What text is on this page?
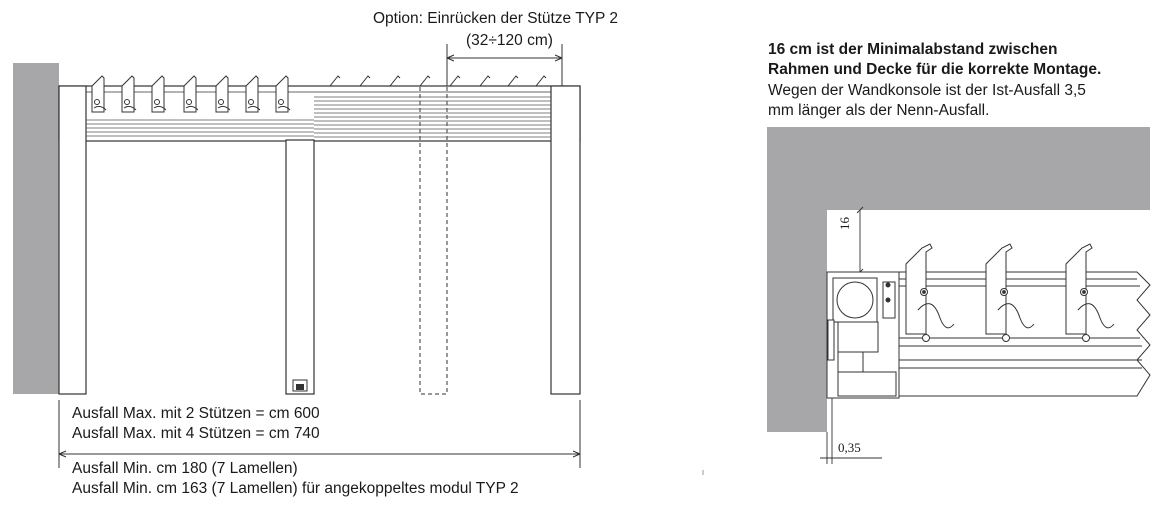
Option: Einrücken der Stütze TYP 2
(32÷120 cm)
Ausfall Max. mit 2 Stützen = cm 600
Ausfall Max. mit 4 Stützen = cm 740
Ausfall Min. cm 180 (7 Lamellen)
Ausfall Min. cm 163 (7 Lamellen) für angekoppeltes modul TYP 2
16 cm ist der Minimalabstand zwischen
Rahmen und Decke für die korrekte Montage.
Wegen der Wandkonsole ist der Ist-Ausfall 3,5
mm länger als der Nenn-Ausfall.
16
0,35
